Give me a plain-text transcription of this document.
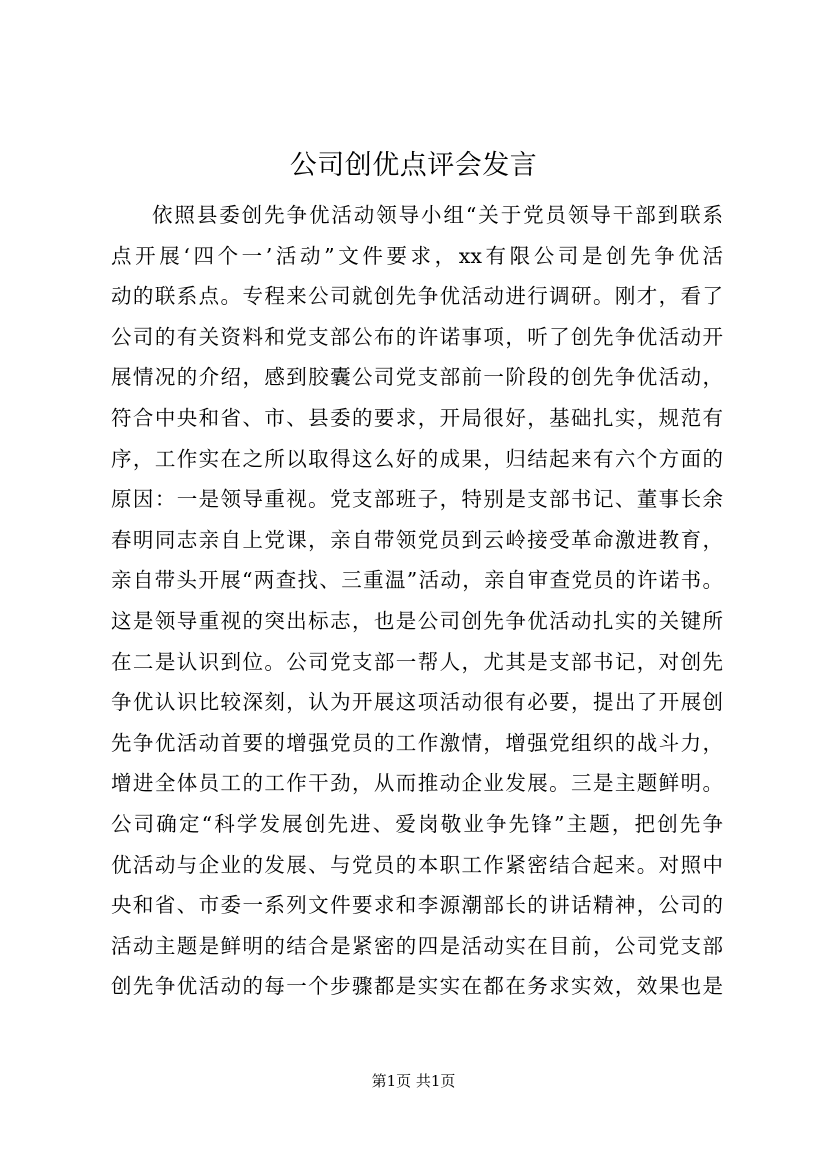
公司创优点评会发言
依照县委创先争优活动领导小组“关于党员领导干部到联系
点开展‘四个一’活动”文件要求，xx有限公司是创先争优活
动的联系点。专程来公司就创先争优活动进行调研。刚才，看了
公司的有关资料和党支部公布的许诺事项，听了创先争优活动开
展情况的介绍，感到胶囊公司党支部前一阶段的创先争优活动，
符合中央和省、市、县委的要求，开局很好，基础扎实，规范有
序，工作实在之所以取得这么好的成果，归结起来有六个方面的
原因：一是领导重视。党支部班子，特别是支部书记、董事长余
春明同志亲自上党课，亲自带领党员到云岭接受革命激进教育，
亲自带头开展“两查找、三重温”活动，亲自审查党员的许诺书。
这是领导重视的突出标志，也是公司创先争优活动扎实的关键所
在二是认识到位。公司党支部一帮人，尤其是支部书记，对创先
争优认识比较深刻，认为开展这项活动很有必要，提出了开展创
先争优活动首要的增强党员的工作激情，增强党组织的战斗力，
增进全体员工的工作干劲，从而推动企业发展。三是主题鲜明。
公司确定“科学发展创先进、爱岗敬业争先锋”主题，把创先争
优活动与企业的发展、与党员的本职工作紧密结合起来。对照中
央和省、市委一系列文件要求和李源潮部长的讲话精神，公司的
活动主题是鲜明的结合是紧密的四是活动实在目前，公司党支部
创先争优活动的每一个步骤都是实实在都在务求实效，效果也是
第1页 共1页
